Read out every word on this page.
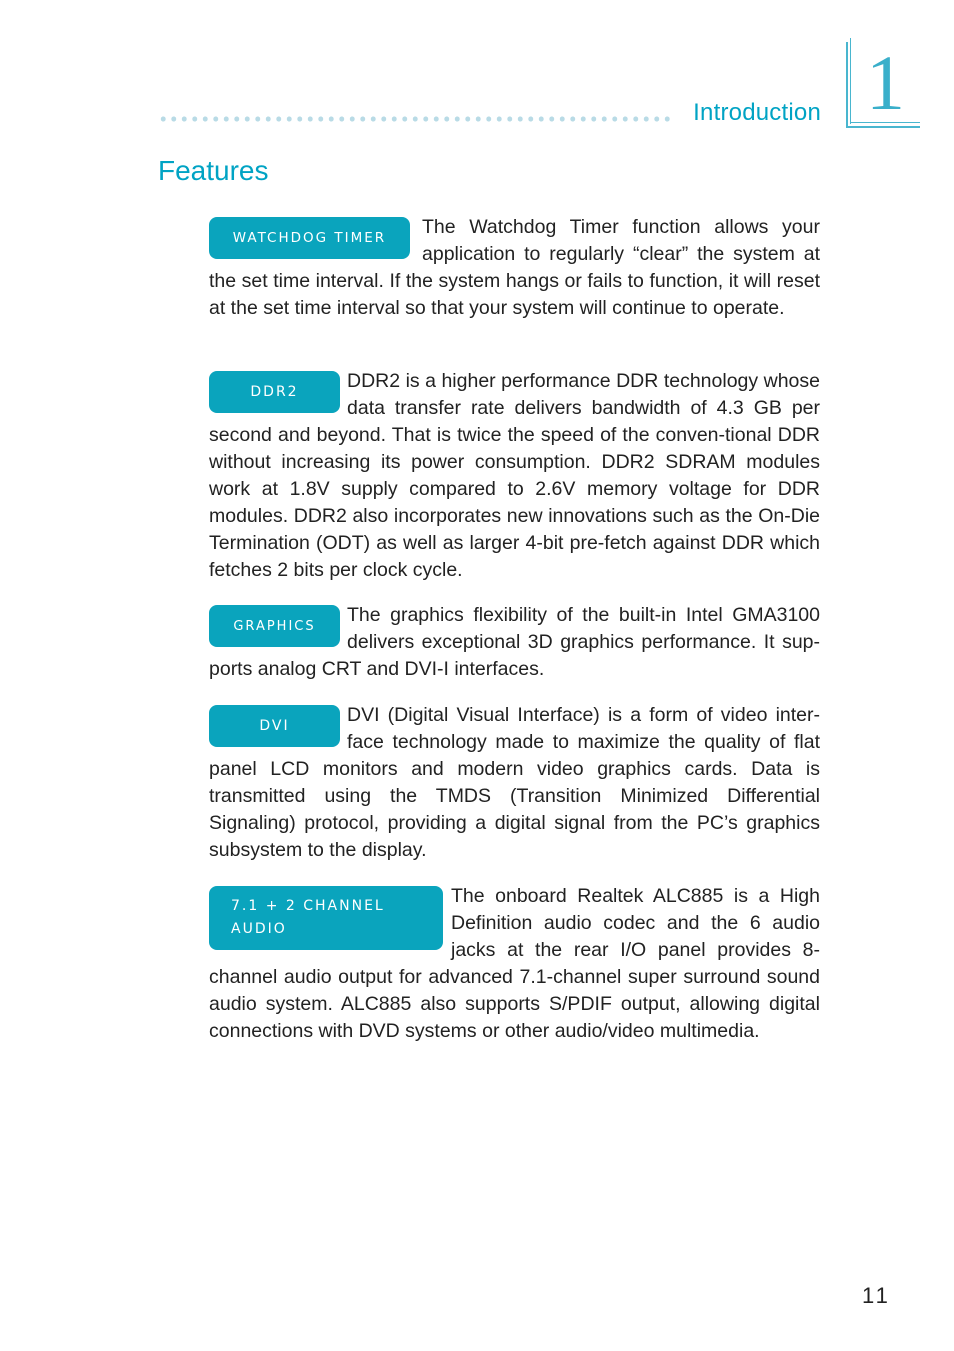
Introduction 1
Features

WATCHDOG TIMER	The Watchdog Timer function allows your application to regularly “clear” the system at the set time interval. If the system hangs or fails to function, it will reset at the set time interval so that your system will continue to operate.

DDR2	DDR2 is a higher performance DDR technology whose data transfer rate delivers bandwidth of 4.3 GB per second and beyond. That is twice the speed of the conven-tional DDR without increasing its power consumption. DDR2 SDRAM modules work at 1.8V supply compared to 2.6V memory voltage for DDR modules. DDR2 also incorporates new innovations such as the On-Die Termination (ODT) as well as larger 4-bit pre-fetch against DDR which fetches 2 bits per clock cycle.

GRAPHICS	The graphics flexibility of the built-in Intel GMA3100 delivers exceptional 3D graphics performance. It sup-ports analog CRT and DVI-I interfaces.

DVI	DVI (Digital Visual Interface) is a form of video inter-face technology made to maximize the quality of flat panel LCD monitors and modern video graphics cards. Data is transmitted using the TMDS (Transition Minimized Differential Signaling) protocol, providing a digital signal from the PC’s graphics subsystem to the display.

7.1 + 2 CHANNEL AUDIO
The onboard Realtek ALC885 is a High Definition audio codec and the 6 audio jacks at the rear I/O panel provides 8-channel audio output for advanced 7.1-channel super surround sound audio system. ALC885 also supports S/PDIF output, allowing digital connections with DVD systems or other audio/video multimedia.

11
